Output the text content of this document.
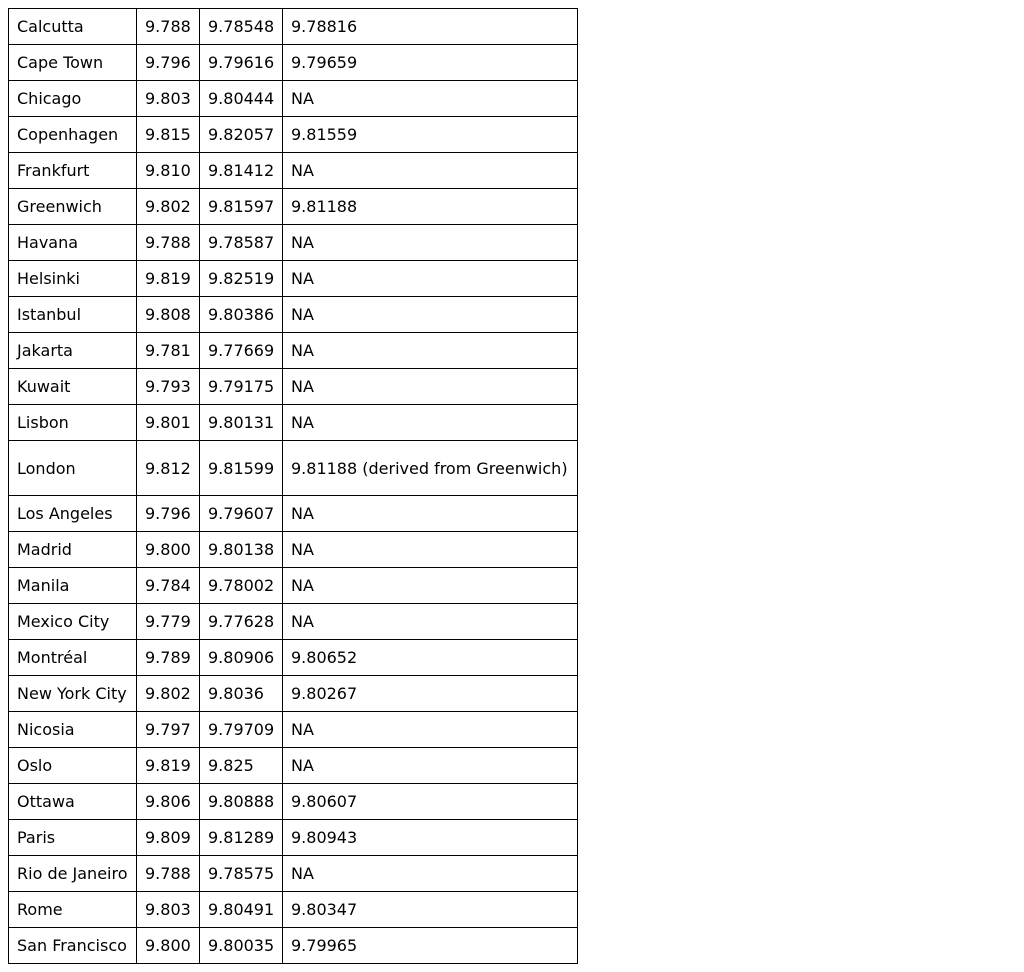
Calcutta	9.788	9.78548	9.78816
Cape Town	9.796	9.79616	9.79659
Chicago	9.803	9.80444	NA
Copenhagen	9.815	9.82057	9.81559
Frankfurt	9.810	9.81412	NA
Greenwich	9.802	9.81597	9.81188
Havana	9.788	9.78587	NA
Helsinki	9.819	9.82519	NA
Istanbul	9.808	9.80386	NA
Jakarta	9.781	9.77669	NA
Kuwait	9.793	9.79175	NA
Lisbon	9.801	9.80131	NA
London	9.812	9.81599	9.81188 (derived from Greenwich)
Los Angeles	9.796	9.79607	NA
Madrid	9.800	9.80138	NA
Manila	9.784	9.78002	NA
Mexico City	9.779	9.77628	NA
Montréal	9.789	9.80906	9.80652
New York City	9.802	9.8036	9.80267
Nicosia	9.797	9.79709	NA
Oslo	9.819	9.825	NA
Ottawa	9.806	9.80888	9.80607
Paris	9.809	9.81289	9.80943
Rio de Janeiro	9.788	9.78575	NA
Rome	9.803	9.80491	9.80347
San Francisco	9.800	9.80035	9.79965
